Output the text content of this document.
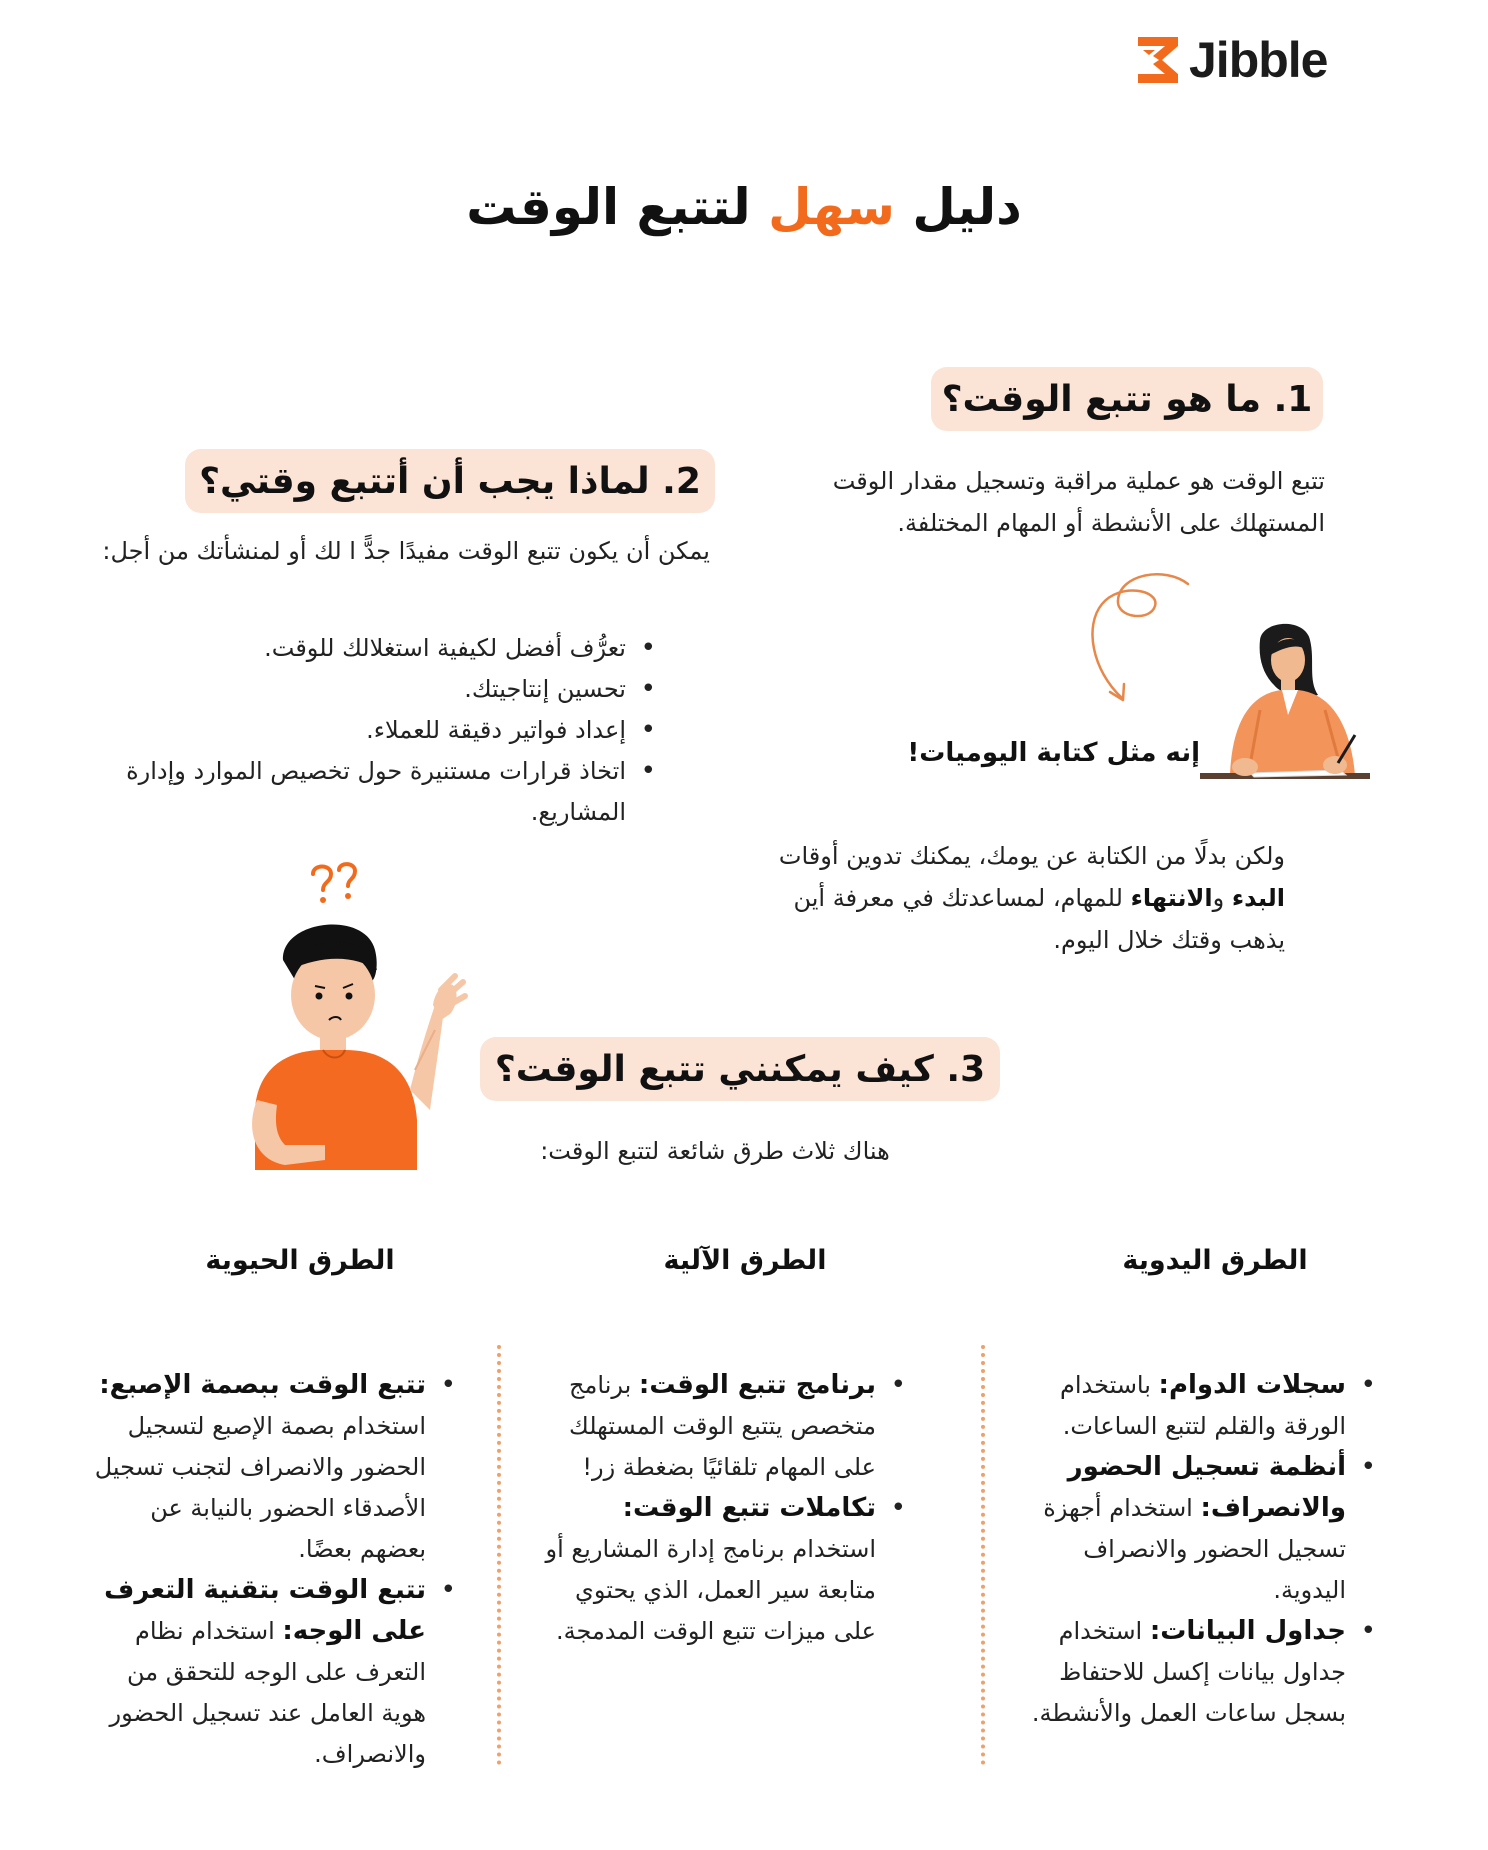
Jibble
دليل سهل لتتبع الوقت
1. ما هو تتبع الوقت؟
تتبع الوقت هو عملية مراقبة وتسجيل مقدار الوقت المستهلك على الأنشطة أو المهام المختلفة.
إنه مثل كتابة اليوميات!
ولكن بدلًا من الكتابة عن يومك، يمكنك تدوين أوقات البدء والانتهاء للمهام، لمساعدتك في معرفة أين يذهب وقتك خلال اليوم.
2. لماذا يجب أن أتتبع وقتي؟
يمكن أن يكون تتبع الوقت مفيدًا جدًّ ا لك أو لمنشأتك من أجل:
• تعرُّف أفضل لكيفية استغلالك للوقت.
• تحسين إنتاجيتك.
• إعداد فواتير دقيقة للعملاء.
• اتخاذ قرارات مستنيرة حول تخصيص الموارد وإدارة المشاريع.
3. كيف يمكنني تتبع الوقت؟
هناك ثلاث طرق شائعة لتتبع الوقت:
الطرق اليدوية
الطرق الآلية
الطرق الحيوية
• سجلات الدوام: باستخدام الورقة والقلم لتتبع الساعات.
• أنظمة تسجيل الحضور والانصراف: استخدام أجهزة تسجيل الحضور والانصراف اليدوية.
• جداول البيانات: استخدام جداول بيانات إكسل للاحتفاظ بسجل ساعات العمل والأنشطة.
• برنامج تتبع الوقت: برنامج متخصص يتتبع الوقت المستهلك على المهام تلقائيًا بضغطة زر!
• تكاملات تتبع الوقت: استخدام برنامج إدارة المشاريع أو متابعة سير العمل، الذي يحتوي على ميزات تتبع الوقت المدمجة.
• تتبع الوقت ببصمة الإصبع: استخدام بصمة الإصبع لتسجيل الحضور والانصراف لتجنب تسجيل الأصدقاء الحضور بالنيابة عن بعضهم بعضًا.
• تتبع الوقت بتقنية التعرف على الوجه: استخدام نظام التعرف على الوجه للتحقق من هوية العامل عند تسجيل الحضور والانصراف.
